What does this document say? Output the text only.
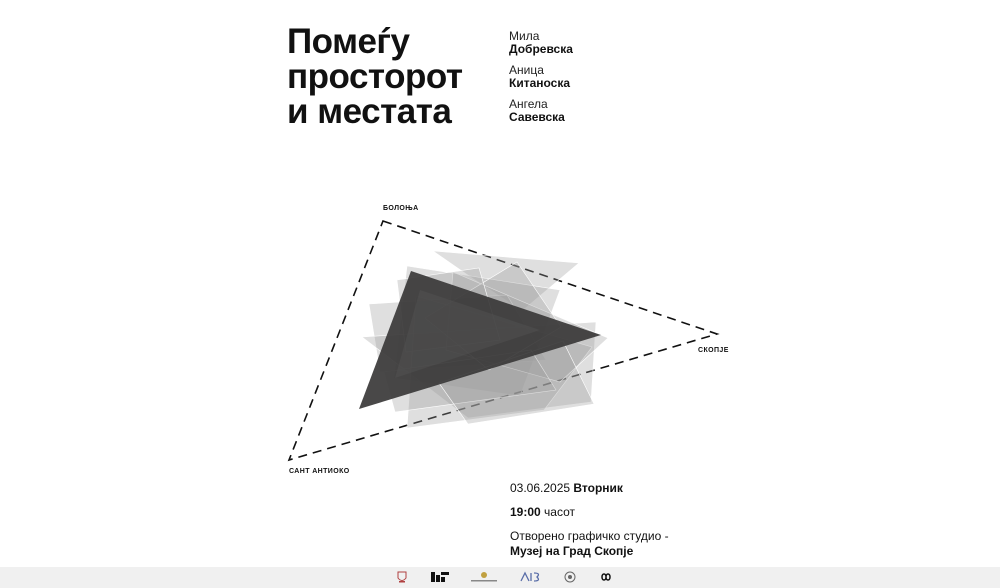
Помеѓу
просторот
и местата
Мила
Добревска
Аница
Китаноска
Ангела
Савевска
БОЛОЊА
СКОПЈЕ
САНТ АНТИОКО
03.06.2025 Вторник
19:00 часот
Отворено графичко студио -
Музеј на Град Скопје
